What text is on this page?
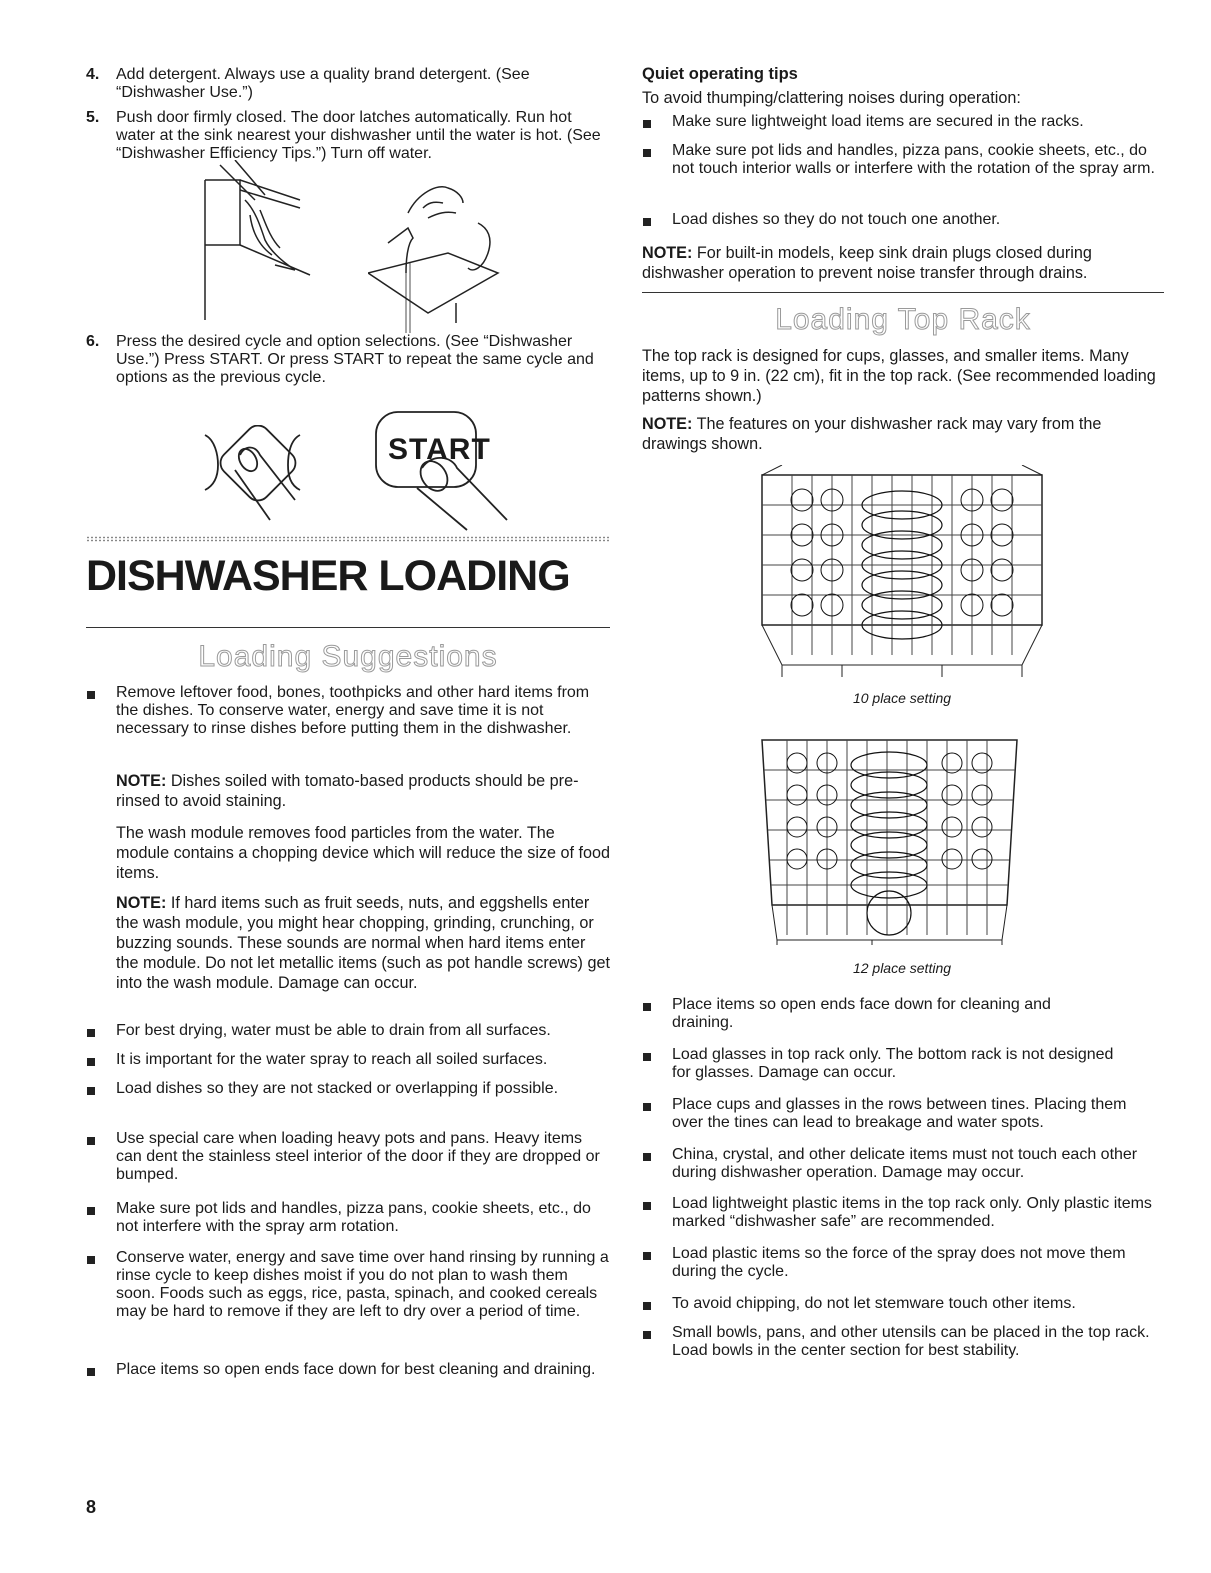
4.	Add detergent. Always use a quality brand detergent. (See “Dishwasher Use.”)
5.	Push door firmly closed. The door latches automatically. Run hot water at the sink nearest your dishwasher until the water is hot. (See “Dishwasher Efficiency Tips.”) Turn off water.
6.	Press the desired cycle and option selections. (See “Dishwasher Use.”) Press START. Or press START to repeat the same cycle and options as the previous cycle.
START
DISHWASHER LOADING
Loading Suggestions
Remove leftover food, bones, toothpicks and other hard items from the dishes. To conserve water, energy and save time it is not necessary to rinse dishes before putting them in the dishwasher.

NOTE: Dishes soiled with tomato-based products should be pre-rinsed to avoid staining.

The wash module removes food particles from the water. The module contains a chopping device which will reduce the size of food items.

NOTE: If hard items such as fruit seeds, nuts, and eggshells enter the wash module, you might hear chopping, grinding, crunching, or buzzing sounds. These sounds are normal when hard items enter the module. Do not let metallic items (such as pot handle screws) get into the wash module. Damage can occur.

For best drying, water must be able to drain from all surfaces.
It is important for the water spray to reach all soiled surfaces.
Load dishes so they are not stacked or overlapping if possible.
Use special care when loading heavy pots and pans. Heavy items can dent the stainless steel interior of the door if they are dropped or bumped.
Make sure pot lids and handles, pizza pans, cookie sheets, etc., do not interfere with the spray arm rotation.
Conserve water, energy and save time over hand rinsing by running a rinse cycle to keep dishes moist if you do not plan to wash them soon. Foods such as eggs, rice, pasta, spinach, and cooked cereals may be hard to remove if they are left to dry over a period of time.
Place items so open ends face down for best cleaning and draining.
8

Quiet operating tips

To avoid thumping/clattering noises during operation:

Make sure lightweight load items are secured in the racks.
Make sure pot lids and handles, pizza pans, cookie sheets, etc., do not touch interior walls or interfere with the rotation of the spray arm.
Load dishes so they do not touch one another.

NOTE: For built-in models, keep sink drain plugs closed during dishwasher operation to prevent noise transfer through drains.

Loading Top Rack

The top rack is designed for cups, glasses, and smaller items. Many items, up to 9 in. (22 cm), fit in the top rack. (See recommended loading patterns shown.)

NOTE: The features on your dishwasher rack may vary from the drawings shown.

10 place setting
12 place setting
Place items so open ends face down for cleaning and draining.
Load glasses in top rack only. The bottom rack is not designed for glasses. Damage can occur.
Place cups and glasses in the rows between tines. Placing them over the tines can lead to breakage and water spots.
China, crystal, and other delicate items must not touch each other during dishwasher operation. Damage may occur.
Load lightweight plastic items in the top rack only. Only plastic items marked “dishwasher safe” are recommended.
Load plastic items so the force of the spray does not move them during the cycle.
To avoid chipping, do not let stemware touch other items.
Small bowls, pans, and other utensils can be placed in the top rack. Load bowls in the center section for best stability.
